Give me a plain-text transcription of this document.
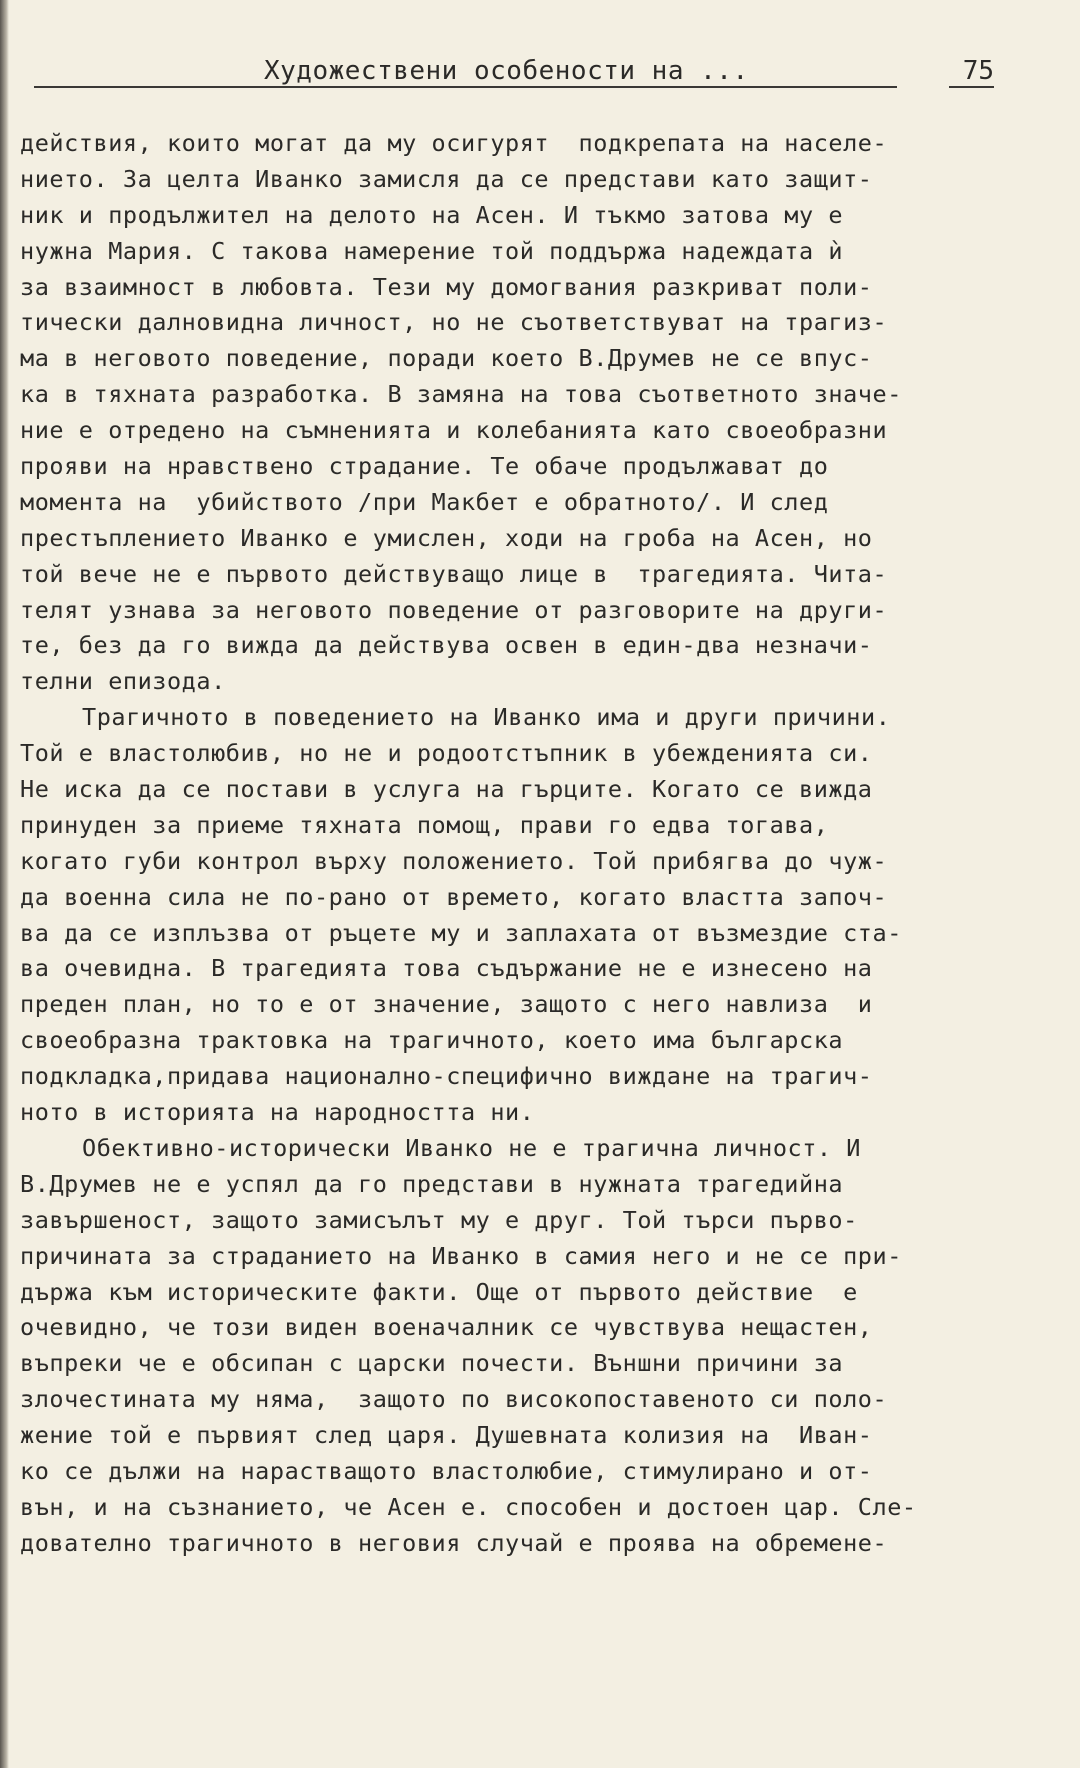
Художествени особености на ...	75
действия, които могат да му осигурят  подкрепата на населе-
нието. За целта Иванко замисля да се представи като защит-
ник и продължител на делото на Асен. И тъкмо затова му е
нужна Мария. С такова намерение той поддържа надеждата ѝ
за взаимност в любовта. Тези му домогвания разкриват поли-
тически далновидна личност, но не съответствуват на трагиз-
ма в неговото поведение, поради което В.Друмев не се впус-
ка в тяхната разработка. В замяна на това съответното значе-
ние е отредено на съмненията и колебанията като своеобразни
прояви на нравствено страдание. Те обаче продължават до
момента на  убийството /при Макбет е обратното/. И след
престъплението Иванко е умислен, ходи на гроба на Асен, но
той вече не е първото действуващо лице в  трагедията. Чита-
телят узнава за неговото поведение от разговорите на други-
те, без да го вижда да действува освен в един-два незначи-
телни епизода.
Трагичното в поведението на Иванко има и други причини.
Той е властолюбив, но не и родоотстъпник в убежденията си.
Не иска да се постави в услуга на гърците. Когато се вижда
принуден за приеме тяхната помощ, прави го едва тогава,
когато губи контрол върху положението. Той прибягва до чуж-
да военна сила не по-рано от времето, когато властта започ-
ва да се изплъзва от ръцете му и заплахата от възмездие ста-
ва очевидна. В трагедията това съдържание не е изнесено на
преден план, но то е от значение, защото с него навлиза  и
своеобразна трактовка на трагичното, което има българска
подкладка,придава национално-специфично виждане на трагич-
ното в историята на народността ни.
Обективно-исторически Иванко не е трагична личност. И
В.Друмев не е успял да го представи в нужната трагедийна
завършеност, защото замисълът му е друг. Той търси първо-
причината за страданието на Иванко в самия него и не се при-
държа към историческите факти. Още от първото действие  е
очевидно, че този виден военачалник се чувствува нещастен,
въпреки че е обсипан с царски почести. Външни причини за
злочестината му няма,  защото по високопоставеното си поло-
жение той е първият след царя. Душевната колизия на  Иван-
ко се дължи на нарастващото властолюбие, стимулирано и от-
вън, и на съзнанието, че Асен е. способен и достоен цар. Сле-
дователно трагичното в неговия случай е проява на обремене-
